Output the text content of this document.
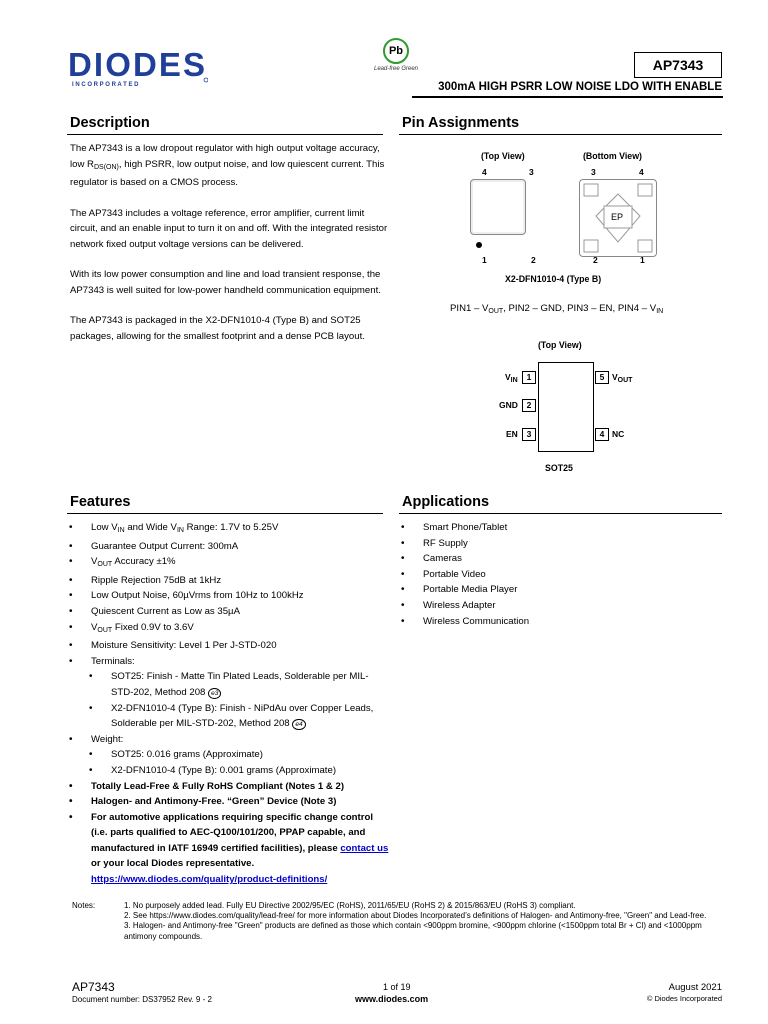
DIODES
I N C O R P O R A T E D
Pb
Lead-free Green	AP7343
300mA HIGH PSRR LOW NOISE LDO WITH ENABLE
Description

The AP7343 is a low dropout regulator with high output voltage accuracy, low $R_{DS(ON)}$, high PSRR, low output noise, and low quiescent current. This regulator is based on a CMOS process.

The AP7343 includes a voltage reference, error amplifier, current limit circuit, and an enable input to turn it on and off. With the integrated resistor network fixed output voltage versions can be delivered.

With its low power consumption and line and load transient response, the AP7343 is well suited for low-power handheld communication equipment.

The AP7343 is packaged in the X2-DFN1010-4 (Type B) and SOT25 packages, allowing for the smallest footprint and a dense PCB layout.

Pin Assignments
(Top View)	(Bottom View)
4	3
1	2
3	4
EP
2	1
X2-DFN1010-4 (Type B)
$PIN1 - V_{OUT}$, PIN2 – GND, PIN3 – EN, $PIN4 - V_{IN}$
(Top View)
1
2
3
5
4
$V_{IN}$
GND
EN
$V_{OUT}$
NC
SOT25
Features
• Low $V_{IN}$ and Wide $V_{IN}$ Range: 1.7V to 5.25V
• Guarantee Output Current: 300mA
• $V_{OUT}$ Accuracy ±1%
• Ripple Rejection 75dB at 1kHz
• Low Output Noise, 60µVrms from 10Hz to 100kHz
• Quiescent Current as Low as 35µA
• $V_{OUT}$ Fixed 0.9V to 3.6V
• Moisture Sensitivity: Level 1 Per J-STD-020
• Terminals:
• SOT25: Finish - Matte Tin Plated Leads, Solderable per MIL-STD-202, Method 208 e3
• X2-DFN1010-4 (Type B): Finish - NiPdAu over Copper Leads, Solderable per MIL-STD-202, Method 208 e4
• Weight:
• SOT25: 0.016 grams (Approximate)
• X2-DFN1010-4 (Type B): 0.001 grams (Approximate)
• Totally Lead-Free & Fully RoHS Compliant (Notes 1 & 2)
• Halogen- and Antimony-Free. “Green” Device (Note 3)
• For automotive applications requiring specific change control (i.e. parts qualified to AEC-Q100/101/200, PPAP capable, and manufactured in IATF 16949 certified facilities), please contact us or your local Diodes representative.
https://www.diodes.com/quality/product-definitions/
Applications
• Smart Phone/Tablet
• RF Supply
• Cameras
• Portable Video
• Portable Media Player
• Wireless Adapter
• Wireless Communication
Notes:	1. No purposely added lead. Fully EU Directive 2002/95/EC (RoHS), 2011/65/EU (RoHS 2) & 2015/863/EU (RoHS 3) compliant.
2. See https://www.diodes.com/quality/lead-free/ for more information about Diodes Incorporated’s definitions of Halogen- and Antimony-free, "Green" and Lead-free.
3. Halogen- and Antimony-free "Green" products are defined as those which contain <900ppm bromine, <900ppm chlorine (<1500ppm total Br + Cl) and <1000ppm antimony compounds.
AP7343
Document number: DS37952 Rev. 9 - 2
1 of 19
www.diodes.com
August 2021
© Diodes Incorporated
